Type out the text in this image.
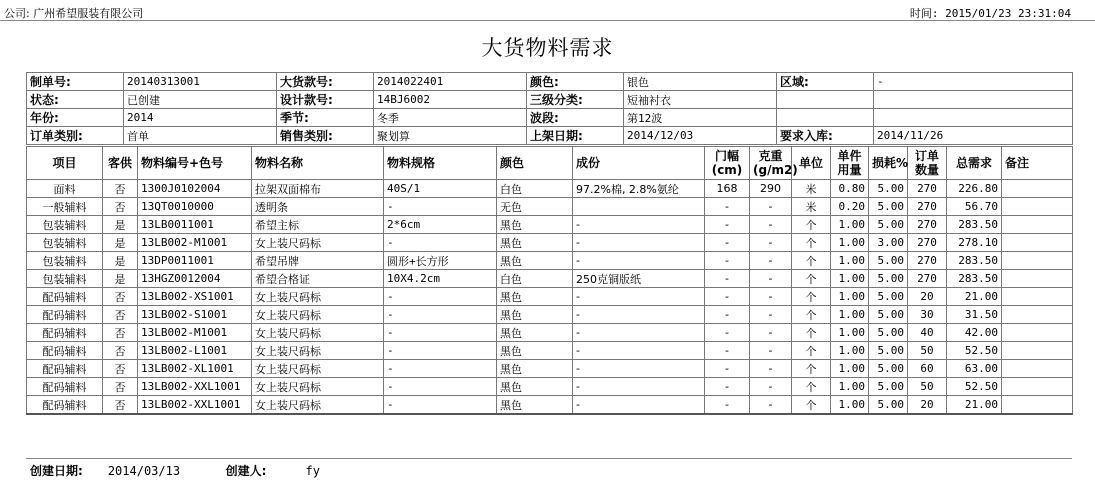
公司: 广州希望服装有限公司	时间: 2015/01/23 23:31:04
大货物料需求
制单号:	20140313001	大货款号:	2014022401	颜色:	银色	区域:	-
状态:	已创建	设计款号:	14BJ6002	三级分类:	短袖衬衣		
年份:	2014	季节:	冬季	波段:	第12波		
订单类别:	首单	销售类别:	聚划算	上架日期:	2014/12/03	要求入库:	2014/11/26
项目	客供	物料编号+色号	物料名称	物料规格	颜色	成份	门幅(cm)	克重(g/m2)	单位	单件用量	损耗%	订单数量	总需求	备注
面料	否	1300J0102004	拉架双面棉布	40S/1	白色	97.2%棉, 2.8%氨纶	168	290	米	0.80	5.00	270	226.80	
一般辅料	否	13QT0010000	透明条	-	无色		-	-	米	0.20	5.00	270	56.70	
包装辅料	是	13LB0011001	希望主标	2*6cm	黑色	-	-	-	个	1.00	5.00	270	283.50	
包装辅料	是	13LB002-M1001	女上装尺码标	-	黑色	-	-	-	个	1.00	3.00	270	278.10	
包装辅料	是	13DP0011001	希望吊牌	圆形+长方形	黑色	-	-	-	个	1.00	5.00	270	283.50	
包装辅料	是	13HGZ0012004	希望合格证	10X4.2cm	白色	250克铜版纸	-	-	个	1.00	5.00	270	283.50	
配码辅料	否	13LB002-XS1001	女上装尺码标	-	黑色	-	-	-	个	1.00	5.00	20	21.00	
配码辅料	否	13LB002-S1001	女上装尺码标	-	黑色	-	-	-	个	1.00	5.00	30	31.50	
配码辅料	否	13LB002-M1001	女上装尺码标	-	黑色	-	-	-	个	1.00	5.00	40	42.00	
配码辅料	否	13LB002-L1001	女上装尺码标	-	黑色	-	-	-	个	1.00	5.00	50	52.50	
配码辅料	否	13LB002-XL1001	女上装尺码标	-	黑色	-	-	-	个	1.00	5.00	60	63.00	
配码辅料	否	13LB002-XXL1001	女上装尺码标	-	黑色	-	-	-	个	1.00	5.00	50	52.50	
配码辅料	否	13LB002-XXL1001	女上装尺码标	-	黑色	-	-	-	个	1.00	5.00	20	21.00	
创建日期: 2014/03/13	创建人:	fy
